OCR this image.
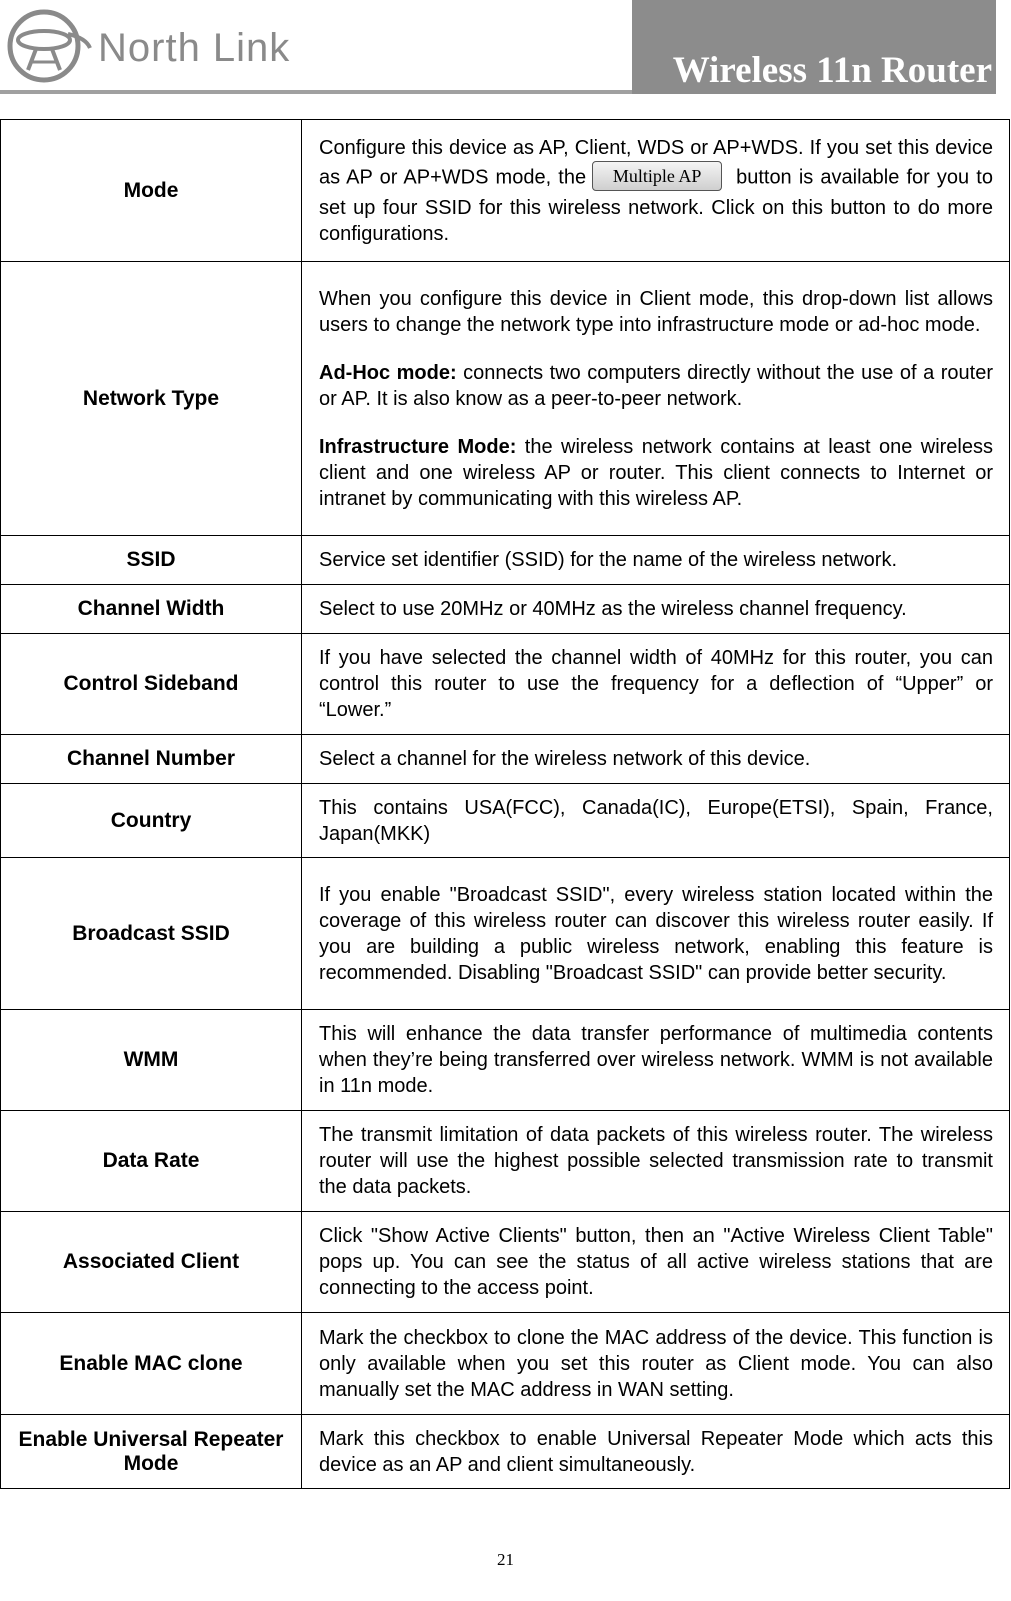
North Link
Wireless 11n Router
Mode	Configure this device as AP, Client, WDS or AP+WDS. If you set this device as AP or AP+WDS mode, the Multiple AP button is available for you to set up four SSID for this wireless network. Click on this button to do more configurations.
Network Type	When you configure this device in Client mode, this drop-down list allows users to change the network type into infrastructure mode or ad-hoc mode.

Ad-Hoc mode: connects two computers directly without the use of a router or AP. It is also know as a peer-to-peer network.

Infrastructure Mode: the wireless network contains at least one wireless client and one wireless AP or router. This client connects to Internet or intranet by communicating with this wireless AP.

SSID	Service set identifier (SSID) for the name of the wireless network.
Channel Width	Select to use 20MHz or 40MHz as the wireless channel frequency.
Control Sideband	If you have selected the channel width of 40MHz for this router, you can control this router to use the frequency for a deflection of “Upper” or “Lower.”
Channel Number	Select a channel for the wireless network of this device.
Country	This contains USA(FCC), Canada(IC), Europe(ETSI), Spain, France, Japan(MKK)
Broadcast SSID	If you enable "Broadcast SSID", every wireless station located within the coverage of this wireless router can discover this wireless router easily. If you are building a public wireless network, enabling this feature is recommended. Disabling "Broadcast SSID" can provide better security.
WMM	This will enhance the data transfer performance of multimedia contents when they’re being transferred over wireless network. WMM is not available in 11n mode.
Data Rate	The transmit limitation of data packets of this wireless router. The wireless router will use the highest possible selected transmission rate to transmit the data packets.
Associated Client	Click "Show Active Clients" button, then an "Active Wireless Client Table" pops up. You can see the status of all active wireless stations that are connecting to the access point.
Enable MAC clone	Mark the checkbox to clone the MAC address of the device. This function is only available when you set this router as Client mode. You can also manually set the MAC address in WAN setting.
Enable Universal Repeater Mode	Mark this checkbox to enable Universal Repeater Mode which acts this device as an AP and client simultaneously.
21
